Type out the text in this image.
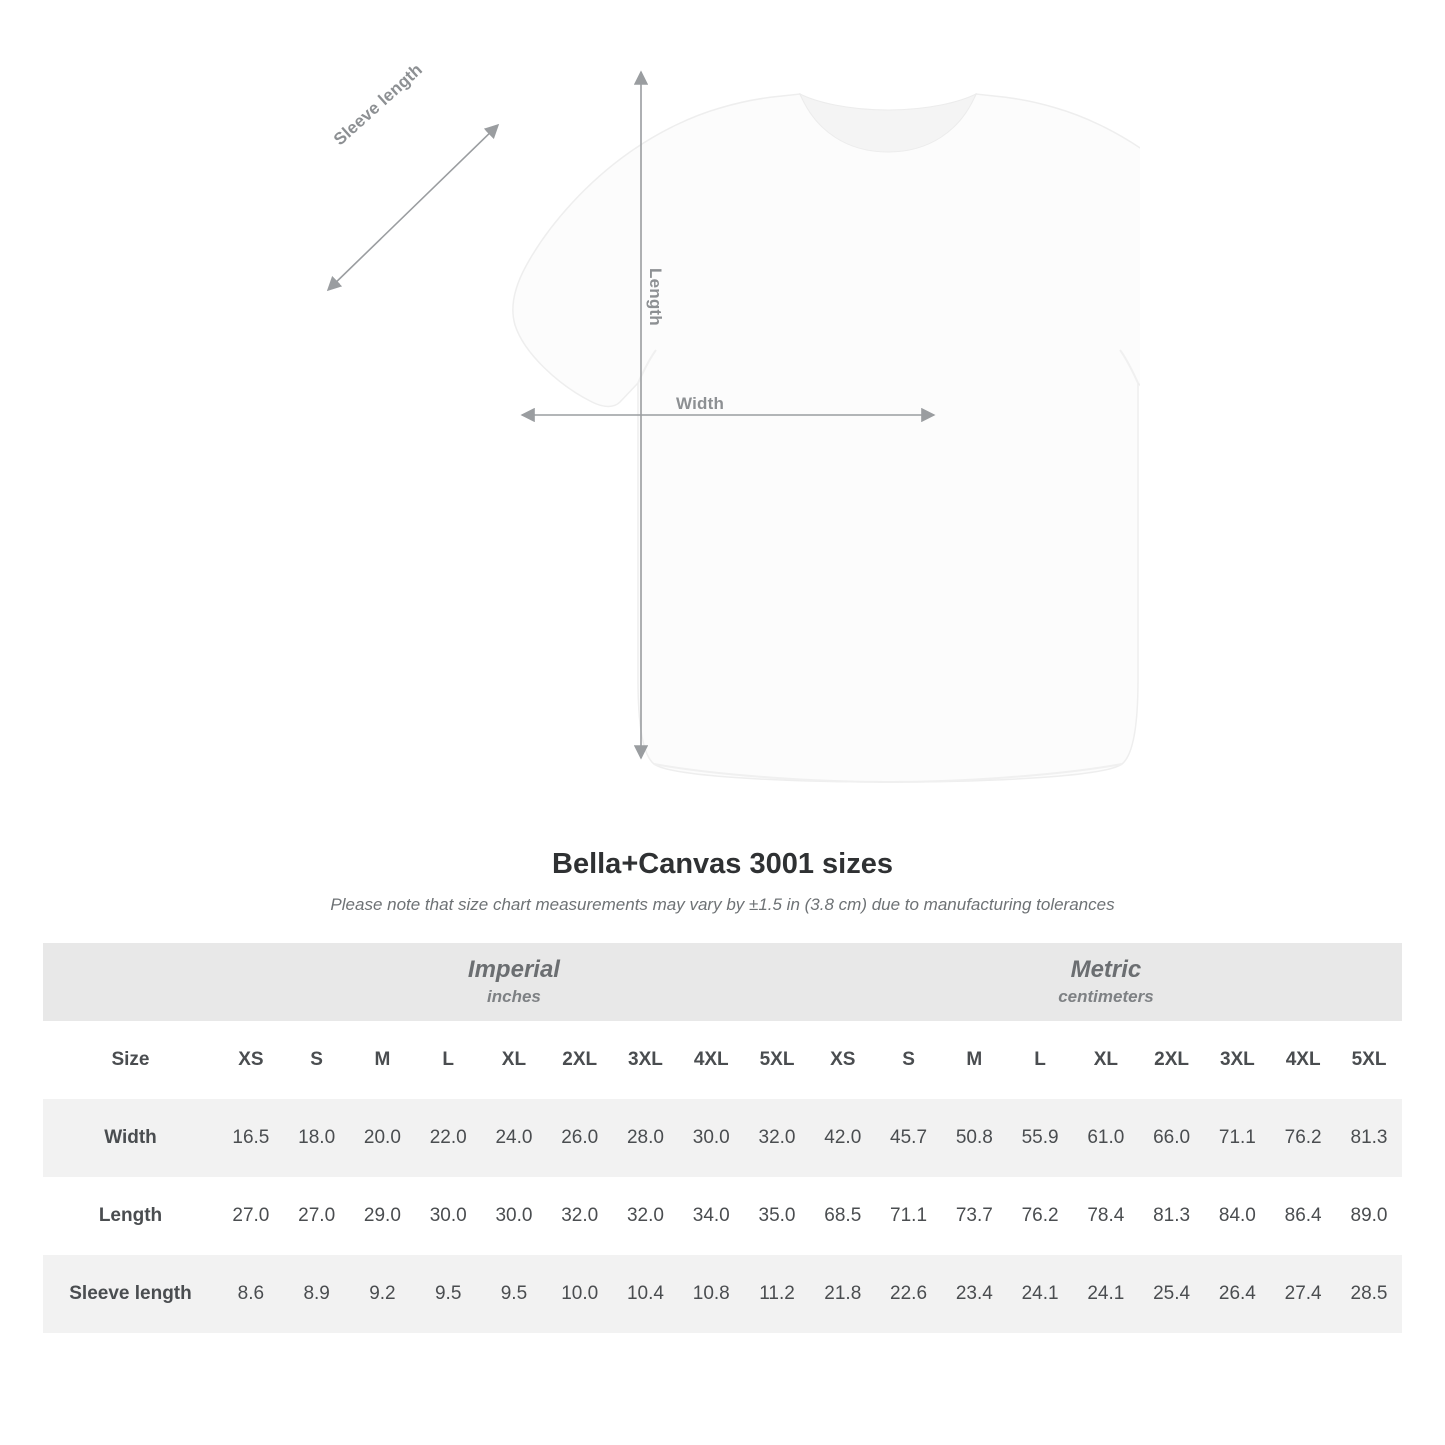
Length
Width
Sleeve length
Bella+Canvas 3001 sizes

Please note that size chart measurements may vary by ±1.5 in (3.8 cm) due to manufacturing tolerances

	Imperial
inches									Metric
centimeters								

Size	XS	S	M	L	XL	2XL	3XL	4XL	5XL	XS	S	M	L	XL	2XL	3XL	4XL	5XL
Width	16.5	18.0	20.0	22.0	24.0	26.0	28.0	30.0	32.0	42.0	45.7	50.8	55.9	61.0	66.0	71.1	76.2	81.3
Length	27.0	27.0	29.0	30.0	30.0	32.0	32.0	34.0	35.0	68.5	71.1	73.7	76.2	78.4	81.3	84.0	86.4	89.0
Sleeve length	8.6	8.9	9.2	9.5	9.5	10.0	10.4	10.8	11.2	21.8	22.6	23.4	24.1	24.1	25.4	26.4	27.4	28.5
